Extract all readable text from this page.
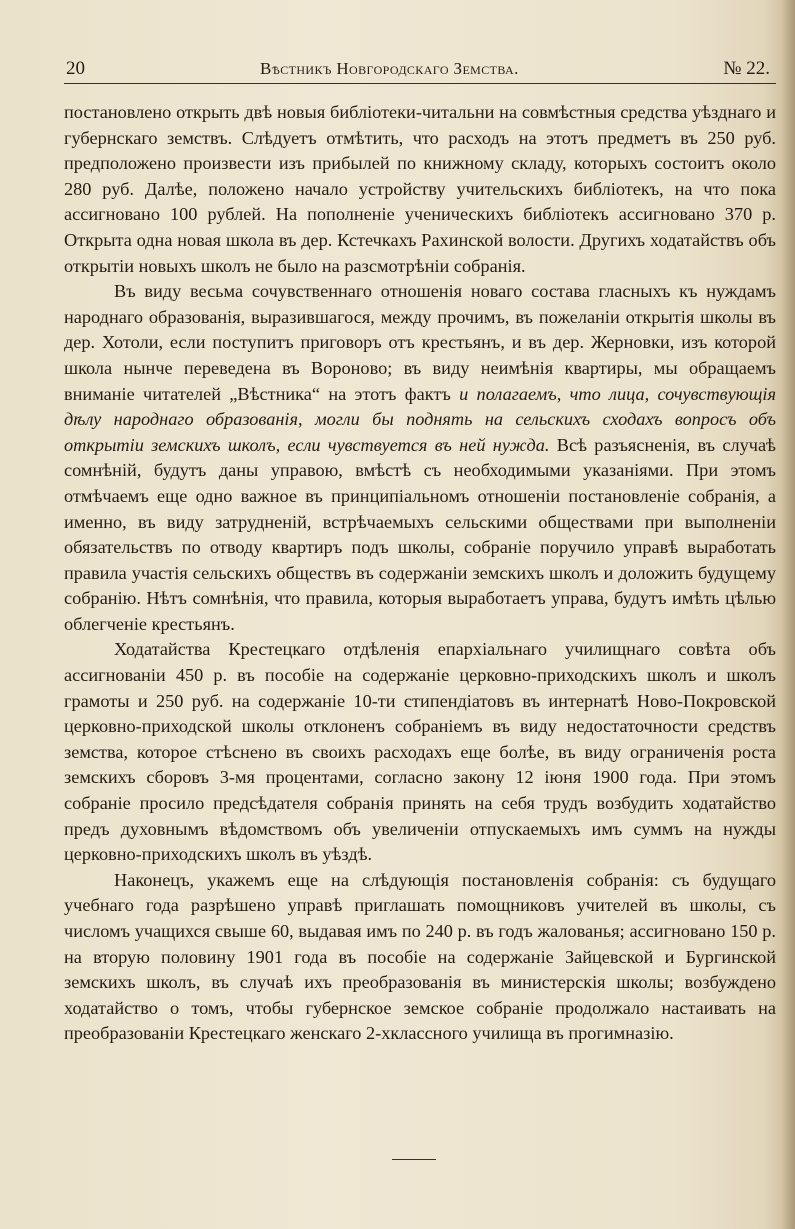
20	Вѣстникъ Новгородскаго Земства.	№ 22.

постановлено открыть двѣ новыя библіотеки-читальни на совмѣстныя средства уѣзднаго и губернскаго земствъ. Слѣдуетъ отмѣтить, что расходъ на этотъ предметъ въ 250 руб. предположено произвести изъ прибылей по книжному складу, которыхъ состоитъ около 280 руб. Далѣе, положено начало устройству учительскихъ библіотекъ, на что пока ассигновано 100 рублей. На пополненіе ученическихъ библіотекъ ассигновано 370 р. Открыта одна новая школа въ дер. Кстечкахъ Рахинской волости. Другихъ ходатайствъ объ открытіи новыхъ школъ не было на разсмотрѣніи собранія.

Въ виду весьма сочувственнаго отношенія новаго состава гласныхъ къ нуждамъ народнаго образованія, выразившагося, между прочимъ, въ пожеланіи открытія школы въ дер. Хотоли, если поступитъ приговоръ отъ крестьянъ, и въ дер. Жерновки, изъ которой школа нынче переведена въ Вороново; въ виду неимѣнія квартиры, мы обращаемъ вниманіе читателей „Вѣстника“ на этотъ фактъ и полагаемъ, что лица, сочувствующія дѣлу народнаго образованія, могли бы поднять на сельскихъ сходахъ вопросъ объ открытіи земскихъ школъ, если чувствуется въ ней нужда. Всѣ разъясненія, въ случаѣ сомнѣній, будутъ даны управою, вмѣстѣ съ необходимыми указаніями. При этомъ отмѣчаемъ еще одно важное въ принципіальномъ отношеніи постановленіе собранія, а именно, въ виду затрудненій, встрѣчаемыхъ сельскими обществами при выполненіи обязательствъ по отводу квартиръ подъ школы, собраніе поручило управѣ выработать правила участія сельскихъ обществъ въ содержаніи земскихъ школъ и доложить будущему собранію. Нѣтъ сомнѣнія, что правила, которыя выработаетъ управа, будутъ имѣть цѣлью облегченіе крестьянъ.

Ходатайства Крестецкаго отдѣленія епархіальнаго училищнаго совѣта объ ассигнованіи 450 р. въ пособіе на содержаніе церковно-приходскихъ школъ и школъ грамоты и 250 руб. на содержаніе 10-ти стипендіатовъ въ интернатѣ Ново-Покровской церковно-приходской школы отклоненъ собраніемъ въ виду недостаточности средствъ земства, которое стѣснено въ своихъ расходахъ еще болѣе, въ виду ограниченія роста земскихъ сборовъ 3-мя процентами, согласно закону 12 іюня 1900 года. При этомъ собраніе просило предсѣдателя собранія принять на себя трудъ возбудить ходатайство предъ духовнымъ вѣдомствомъ объ увеличеніи отпускаемыхъ имъ суммъ на нужды церковно-приходскихъ школъ въ уѣздѣ.

Наконецъ, укажемъ еще на слѣдующія постановленія собранія: съ будущаго учебнаго года разрѣшено управѣ приглашать помощниковъ учителей въ школы, съ числомъ учащихся свыше 60, выдавая имъ по 240 р. въ годъ жалованья; ассигновано 150 р. на вторую половину 1901 года въ пособіе на содержаніе Зайцевской и Бургинской земскихъ школъ, въ случаѣ ихъ преобразованія въ министерскія школы; возбуждено ходатайство о томъ, чтобы губернское земское собраніе продолжало настаивать на преобразованіи Крестецкаго женскаго 2-хклассного училища въ прогимназію.
